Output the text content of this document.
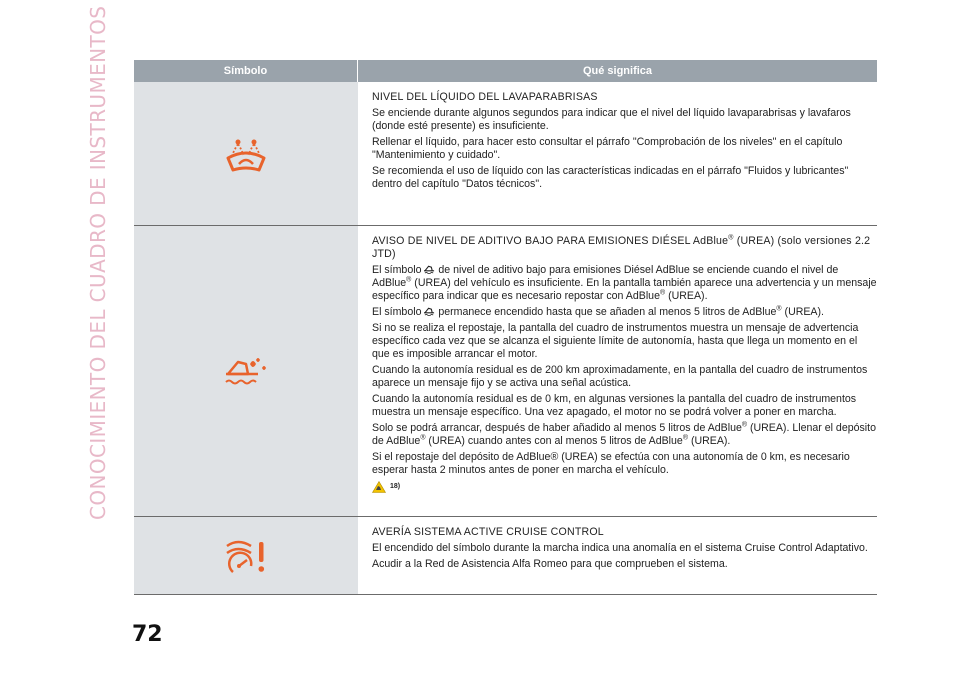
CONOCIMIENTO DEL CUADRO DE INSTRUMENTOS	Símbolo	Qué significa

NIVEL DEL LÍQUIDO DEL LAVAPARABRISAS

Se enciende durante algunos segundos para indicar que el nivel del líquido lavaparabrisas y lavafaros (donde esté presente) es insuficiente.

Rellenar el líquido, para hacer esto consultar el párrafo "Comprobación de los niveles" en el capítulo "Mantenimiento y cuidado".

Se recomienda el uso de líquido con las características indicadas en el párrafo "Fluidos y lubricantes" dentro del capítulo "Datos técnicos".

AVISO DE NIVEL DE ADITIVO BAJO PARA EMISIONES DIÉSEL AdBlue® (UREA) (solo versiones 2.2 JTD)

El símbolo  de nivel de aditivo bajo para emisiones Diésel AdBlue se enciende cuando el nivel de AdBlue® (UREA) del vehículo es insuficiente. En la pantalla también aparece una advertencia y un mensaje específico para indicar que es necesario repostar con AdBlue® (UREA).

El símbolo  permanece encendido hasta que se añaden al menos 5 litros de AdBlue® (UREA).

Si no se realiza el repostaje, la pantalla del cuadro de instrumentos muestra un mensaje de advertencia específico cada vez que se alcanza el siguiente límite de autonomía, hasta que llega un momento en el que es imposible arrancar el motor.

Cuando la autonomía residual es de 200 km aproximadamente, en la pantalla del cuadro de instrumentos aparece un mensaje fijo y se activa una señal acústica.

Cuando la autonomía residual es de 0 km, en algunas versiones la pantalla del cuadro de instrumentos muestra un mensaje específico. Una vez apagado, el motor no se podrá volver a poner en marcha.

Solo se podrá arrancar, después de haber añadido al menos 5 litros de AdBlue® (UREA). Llenar el depósito de AdBlue® (UREA) cuando antes con al menos 5 litros de AdBlue® (UREA).

Si el repostaje del depósito de AdBlue® (UREA) se efectúa con una autonomía de 0 km, es necesario esperar hasta 2 minutos antes de poner en marcha el vehículo.

18)

AVERÍA SISTEMA ACTIVE CRUISE CONTROL

El encendido del símbolo durante la marcha indica una anomalía en el sistema Cruise Control Adaptativo.

Acudir a la Red de Asistencia Alfa Romeo para que comprueben el sistema.

72
